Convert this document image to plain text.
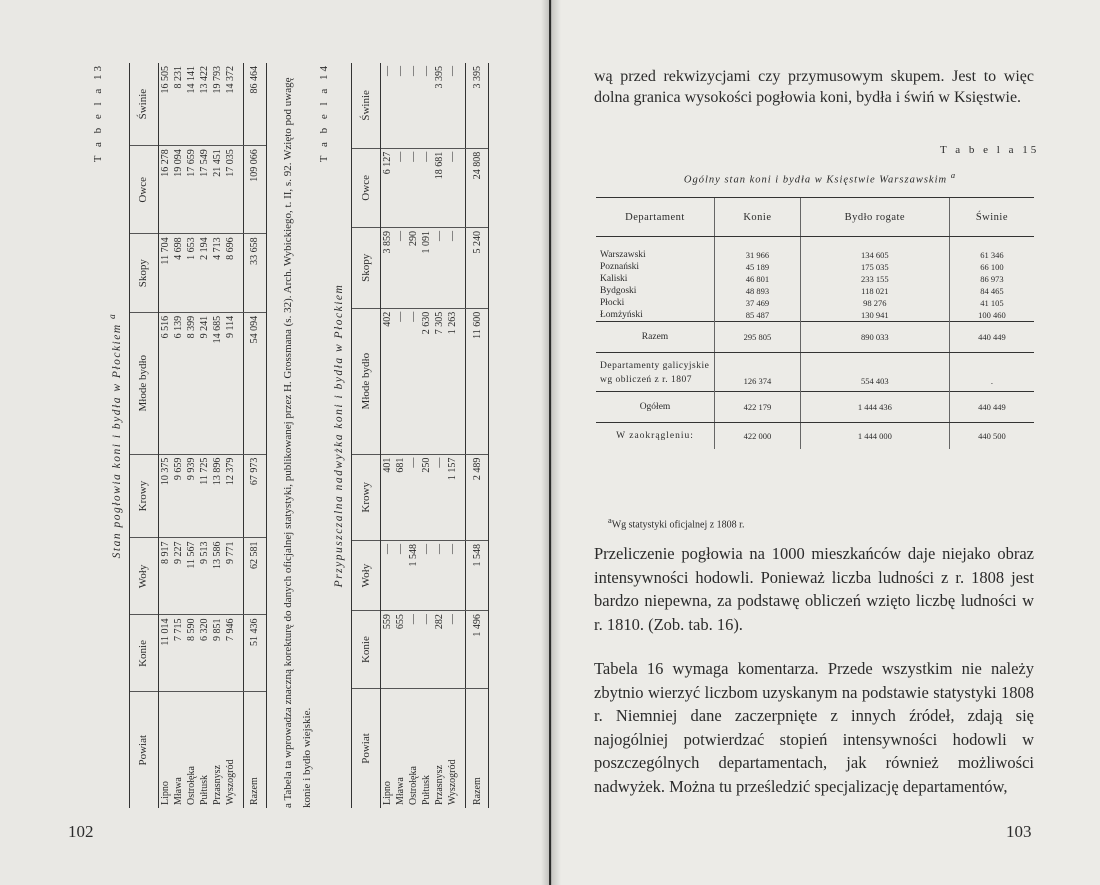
T a b e l a 13
Stan pogłowia koni i bydła w Płockiem $^a$
Powiat	Konie	Woły	Krowy	Młode bydło	Skopy	Owce	Świnie
Lipno	11 014	8 917	10 375	6 516	11 704	16 278	16 505
Mława	7 715	9 227	9 659	6 139	4 698	19 094	8 231
Ostrołęka	8 590	11 567	9 939	8 399	1 653	17 659	14 141
Pułtusk	6 320	9 513	11 725	9 241	2 194	17 549	13 422
Przasnysz	9 851	13 586	13 896	14 685	4 713	21 451	19 793
Wyszogród	7 946	9 771	12 379	9 114	8 696	17 035	14 372

Razem	51 436	62 581	67 973	54 094	33 658	109 066	86 464
a Tabela ta wprowadza znaczną korekturę do danych oficjalnej statystyki, publikowanej przez H. Grossmana (s. 32). Arch. Wybickiego, t. II, s. 92. Wzięto pod uwagę konie i bydło wiejskie.
T a b e l a 14
Przypuszczalna nadwyżka koni i bydła w Płockiem
Powiat	Konie	Woły	Krowy	Młode bydło	Skopy	Owce	Świnie
Lipno	559	—	401	402	3 859	6 127	—
Mława	655	—	681	—	—	—	—
Ostrołęka	—	1 548	—	—	290	—	—
Pułtusk	—	—	250	2 630	1 091	—	—
Przasnysz	282	—	—	7 305	—	18 681	3 395
Wyszogród	—	—	1 157	1 263	—	—	—

Razem	1 496	1 548	2 489	11 600	5 240	24 808	3 395
102
wą przed rekwizycjami czy przymusowym skupem. Jest to więc dolna granica wysokości pogłowia koni, bydła i świń w Księstwie.
T a b e l a 15
Ogólny stan koni i bydła w Księstwie Warszawskim $^a$
Departament	Konie	Bydło rogate	Świnie

Warszawski	31 966	134 605	61 346
Poznański	45 189	175 035	66 100
Kaliski	46 801	233 155	86 973
Bydgoski	48 893	118 021	84 465
Płocki	37 469	98 276	41 105
Łomżyński	85 487	130 941	100 460
Razem	295 805	890 033	440 449
Departamenty galicyjskie wg obliczeń z r. 1807	126 374	554 403	.
Ogółem	422 179	1 444 436	440 449
W zaokrągleniu:	422 000	1 444 000	440 500
$^a$Wg statystyki oficjalnej z 1808 r.
Przeliczenie pogłowia na 1000 mieszkańców daje niejako obraz intensywności hodowli. Ponieważ liczba ludności z r. 1808 jest bardzo niepewna, za podstawę obliczeń wzięto liczbę ludności w r. 1810. (Zob. tab. 16).
Tabela 16 wymaga komentarza. Przede wszystkim nie należy zbytnio wierzyć liczbom uzyskanym na podstawie statystyki 1808 r. Niemniej dane zaczerpnięte z innych źródeł, zdają się najogólniej potwierdzać stopień intensywności hodowli w poszczególnych departamentach, jak również możliwości nadwyżek. Można tu prześledzić specjalizację departamentów,
103
